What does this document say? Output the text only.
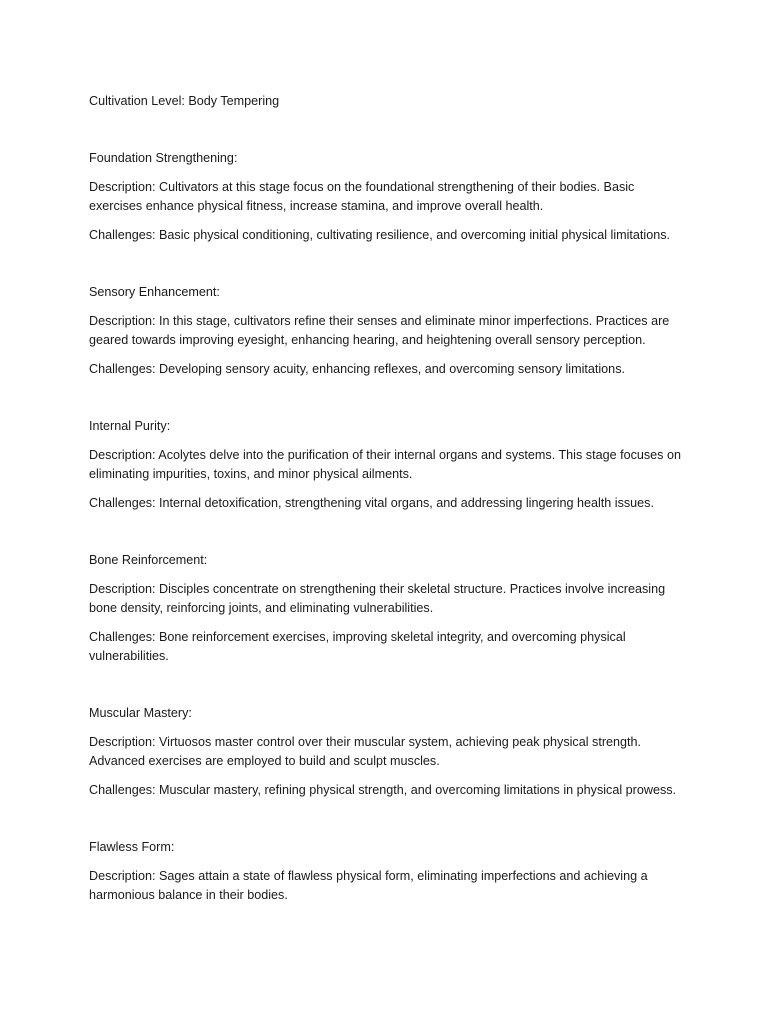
Cultivation Level: Body Tempering

Foundation Strengthening:

Description: Cultivators at this stage focus on the foundational strengthening of their bodies. Basic exercises enhance physical fitness, increase stamina, and improve overall health.

Challenges: Basic physical conditioning, cultivating resilience, and overcoming initial physical limitations.

Sensory Enhancement:

Description: In this stage, cultivators refine their senses and eliminate minor imperfections. Practices are geared towards improving eyesight, enhancing hearing, and heightening overall sensory perception.

Challenges: Developing sensory acuity, enhancing reflexes, and overcoming sensory limitations.

Internal Purity:

Description: Acolytes delve into the purification of their internal organs and systems. This stage focuses on eliminating impurities, toxins, and minor physical ailments.

Challenges: Internal detoxification, strengthening vital organs, and addressing lingering health issues.

Bone Reinforcement:

Description: Disciples concentrate on strengthening their skeletal structure. Practices involve increasing bone density, reinforcing joints, and eliminating vulnerabilities.

Challenges: Bone reinforcement exercises, improving skeletal integrity, and overcoming physical vulnerabilities.

Muscular Mastery:

Description: Virtuosos master control over their muscular system, achieving peak physical strength. Advanced exercises are employed to build and sculpt muscles.

Challenges: Muscular mastery, refining physical strength, and overcoming limitations in physical prowess.

Flawless Form:

Description: Sages attain a state of flawless physical form, eliminating imperfections and achieving a harmonious balance in their bodies.
